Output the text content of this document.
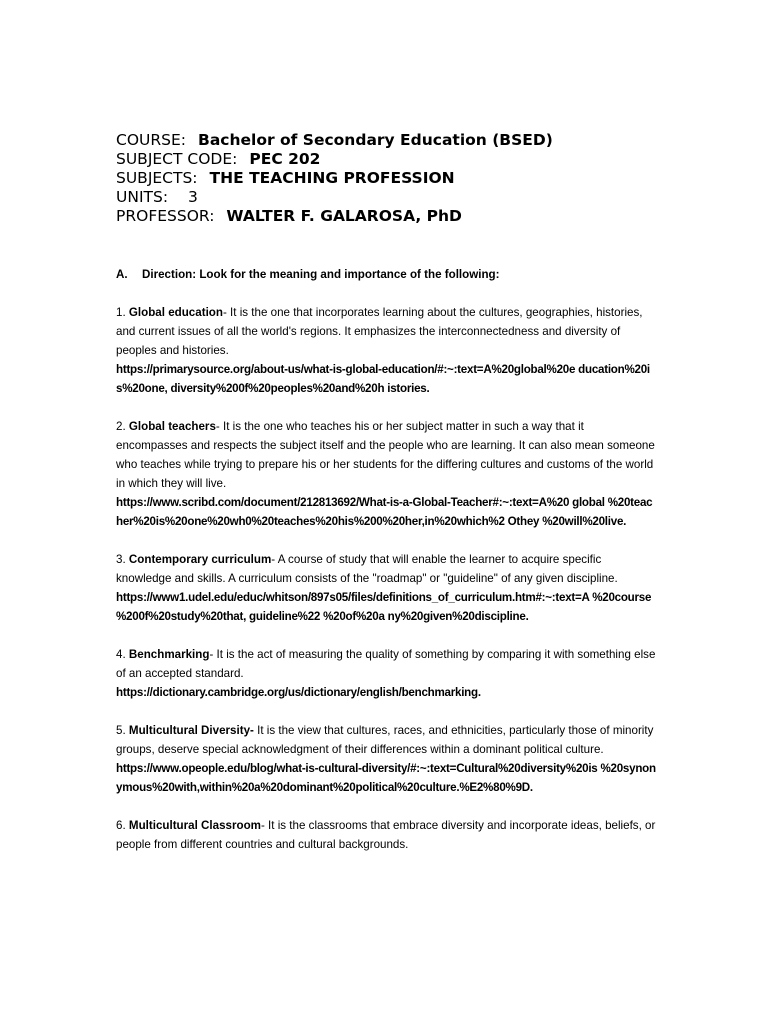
COURSE: Bachelor of Secondary Education (BSED)
SUBJECT CODE: PEC 202
SUBJECTS: THE TEACHING PROFESSION
UNITS: 3
PROFESSOR: WALTER F. GALAROSA, PhD
A. Direction: Look for the meaning and importance of the following:
1. Global education- It is the one that incorporates learning about the cultures, geographies, histories, and current issues of all the world's regions. It emphasizes the interconnectedness and diversity of peoples and histories.
https://primarysource.org/about-us/what-is-global-education/#:~:text=A%20global%20e ducation%20i s%20one, diversity%200f%20peoples%20and%20h istories.
2. Global teachers- It is the one who teaches his or her subject matter in such a way that it encompasses and respects the subject itself and the people who are learning. It can also mean someone who teaches while trying to prepare his or her students for the differing cultures and customs of the world in which they will live.
https://www.scribd.com/document/212813692/What-is-a-Global-Teacher#:~:text=A%20 global %20teacher%20is%20one%20wh0%20teaches%20his%200%20her,in%20which%2 Othey %20will%20live.
3. Contemporary curriculum- A course of study that will enable the learner to acquire specific knowledge and skills. A curriculum consists of the "roadmap" or "guideline" of any given discipline.
https://www1.udel.edu/educ/whitson/897s05/files/definitions_of_curriculum.htm#:~:text=A %20course %200f%20study%20that, guideline%22 %20of%20a ny%20given%20discipline.
4. Benchmarking- It is the act of measuring the quality of something by comparing it with something else of an accepted standard.
https://dictionary.cambridge.org/us/dictionary/english/benchmarking.
5. Multicultural Diversity- It is the view that cultures, races, and ethnicities, particularly those of minority groups, deserve special acknowledgment of their differences within a dominant political culture.
https://www.opeople.edu/blog/what-is-cultural-diversity/#:~:text=Cultural%20diversity%20is %20synonymous%20with,within%20a%20dominant%20political%20culture.%E2%80%9D.
6. Multicultural Classroom- It is the classrooms that embrace diversity and incorporate ideas, beliefs, or people from different countries and cultural backgrounds.
